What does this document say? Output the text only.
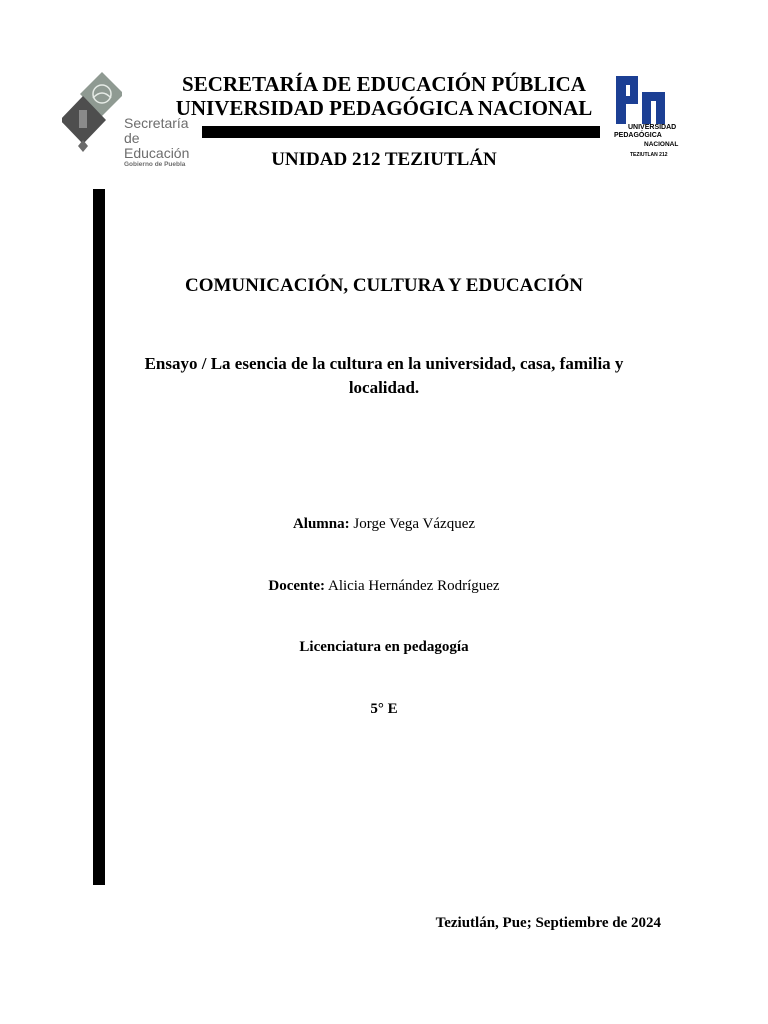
Secretaría
de Educación
Gobierno de Puebla
SECRETARÍA DE EDUCACIÓN PÚBLICA
UNIVERSIDAD PEDAGÓGICA NACIONAL
UNIDAD 212 TEZIUTLÁN
UNIVERSIDAD
PEDAGÓGICA
NACIONAL
TEZIUTLÁN 212
COMUNICACIÓN, CULTURA Y EDUCACIÓN
Ensayo / La esencia de la cultura en la universidad, casa, familia y localidad.
Alumna: Jorge Vega Vázquez
Docente: Alicia Hernández Rodríguez
Licenciatura en pedagogía
5° E
Teziutlán, Pue; Septiembre de 2024
